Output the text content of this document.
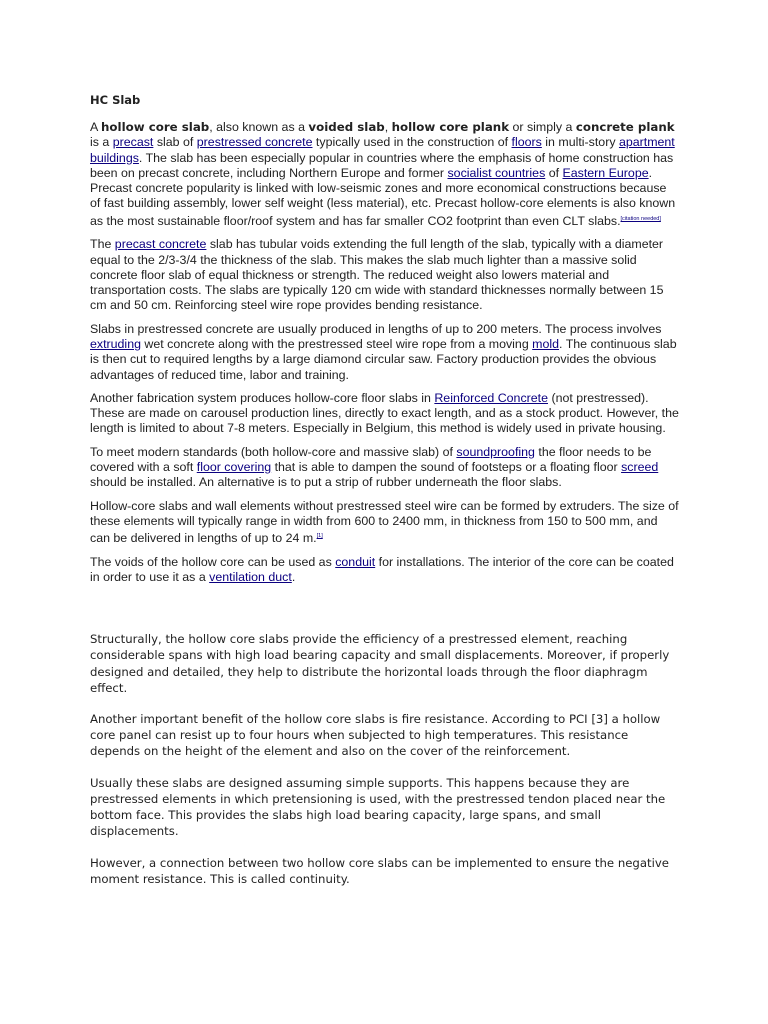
HC Slab

A hollow core slab, also known as a voided slab, hollow core plank or simply a concrete plank is a precast slab of prestressed concrete typically used in the construction of floors in multi-story apartment buildings. The slab has been especially popular in countries where the emphasis of home construction has been on precast concrete, including Northern Europe and former socialist countries of Eastern Europe. Precast concrete popularity is linked with low-seismic zones and more economical constructions because of fast building assembly, lower self weight (less material), etc. Precast hollow-core elements is also known as the most sustainable floor/roof system and has far smaller CO2 footprint than even CLT slabs.[citation needed]

The precast concrete slab has tubular voids extending the full length of the slab, typically with a diameter equal to the 2/3-3/4 the thickness of the slab. This makes the slab much lighter than a massive solid concrete floor slab of equal thickness or strength. The reduced weight also lowers material and transportation costs. The slabs are typically 120 cm wide with standard thicknesses normally between 15 cm and 50 cm. Reinforcing steel wire rope provides bending resistance.

Slabs in prestressed concrete are usually produced in lengths of up to 200 meters. The process involves extruding wet concrete along with the prestressed steel wire rope from a moving mold. The continuous slab is then cut to required lengths by a large diamond circular saw. Factory production provides the obvious advantages of reduced time, labor and training.

Another fabrication system produces hollow-core floor slabs in Reinforced Concrete (not prestressed). These are made on carousel production lines, directly to exact length, and as a stock product. However, the length is limited to about 7-8 meters. Especially in Belgium, this method is widely used in private housing.

To meet modern standards (both hollow-core and massive slab) of soundproofing the floor needs to be covered with a soft floor covering that is able to dampen the sound of footsteps or a floating floor screed should be installed. An alternative is to put a strip of rubber underneath the floor slabs.

Hollow-core slabs and wall elements without prestressed steel wire can be formed by extruders. The size of these elements will typically range in width from 600 to 2400 mm, in thickness from 150 to 500 mm, and can be delivered in lengths of up to 24 m.[1]

The voids of the hollow core can be used as conduit for installations. The interior of the core can be coated in order to use it as a ventilation duct.

Structurally, the hollow core slabs provide the efficiency of a prestressed element, reaching considerable spans with high load bearing capacity and small displacements. Moreover, if properly designed and detailed, they help to distribute the horizontal loads through the floor diaphragm effect.

Another important benefit of the hollow core slabs is fire resistance. According to PCI [3] a hollow core panel can resist up to four hours when subjected to high temperatures. This resistance depends on the height of the element and also on the cover of the reinforcement.

Usually these slabs are designed assuming simple supports. This happens because they are prestressed elements in which pretensioning is used, with the prestressed tendon placed near the bottom face. This provides the slabs high load bearing capacity, large spans, and small displacements.

However, a connection between two hollow core slabs can be implemented to ensure the negative moment resistance. This is called continuity.
